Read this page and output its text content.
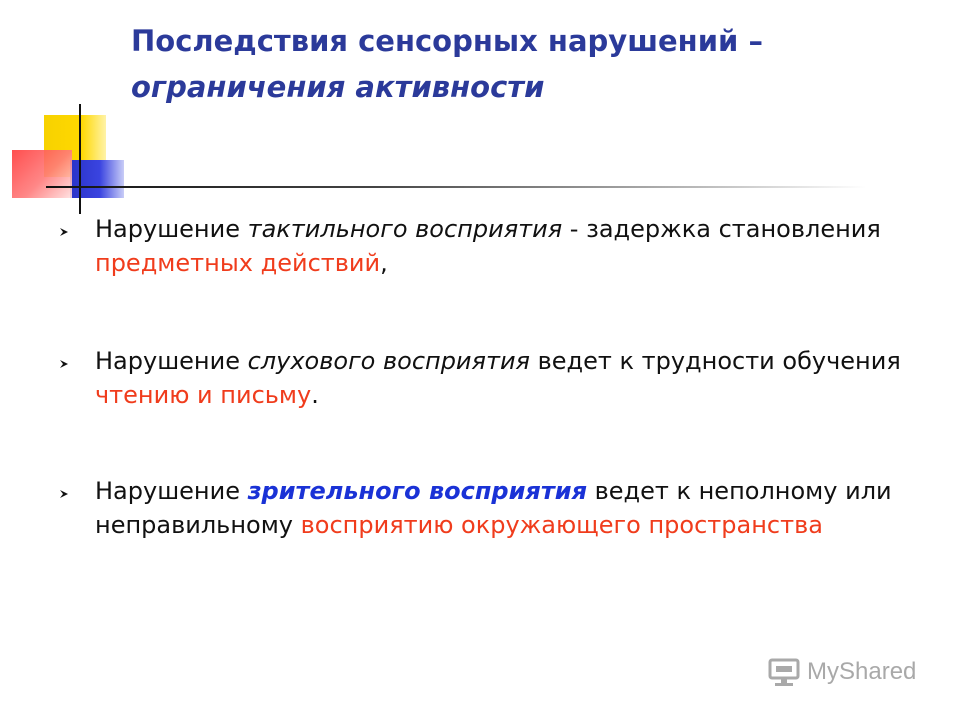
Последствия сенсорных нарушений –
ограничения активности
Нарушение тактильного восприятия - задержка становления предметных действий,
Нарушение слухового восприятия ведет к трудности обучения чтению и письму.
Нарушение зрительного восприятия ведет к неполному или неправильному восприятию окружающего пространства
MyShared
